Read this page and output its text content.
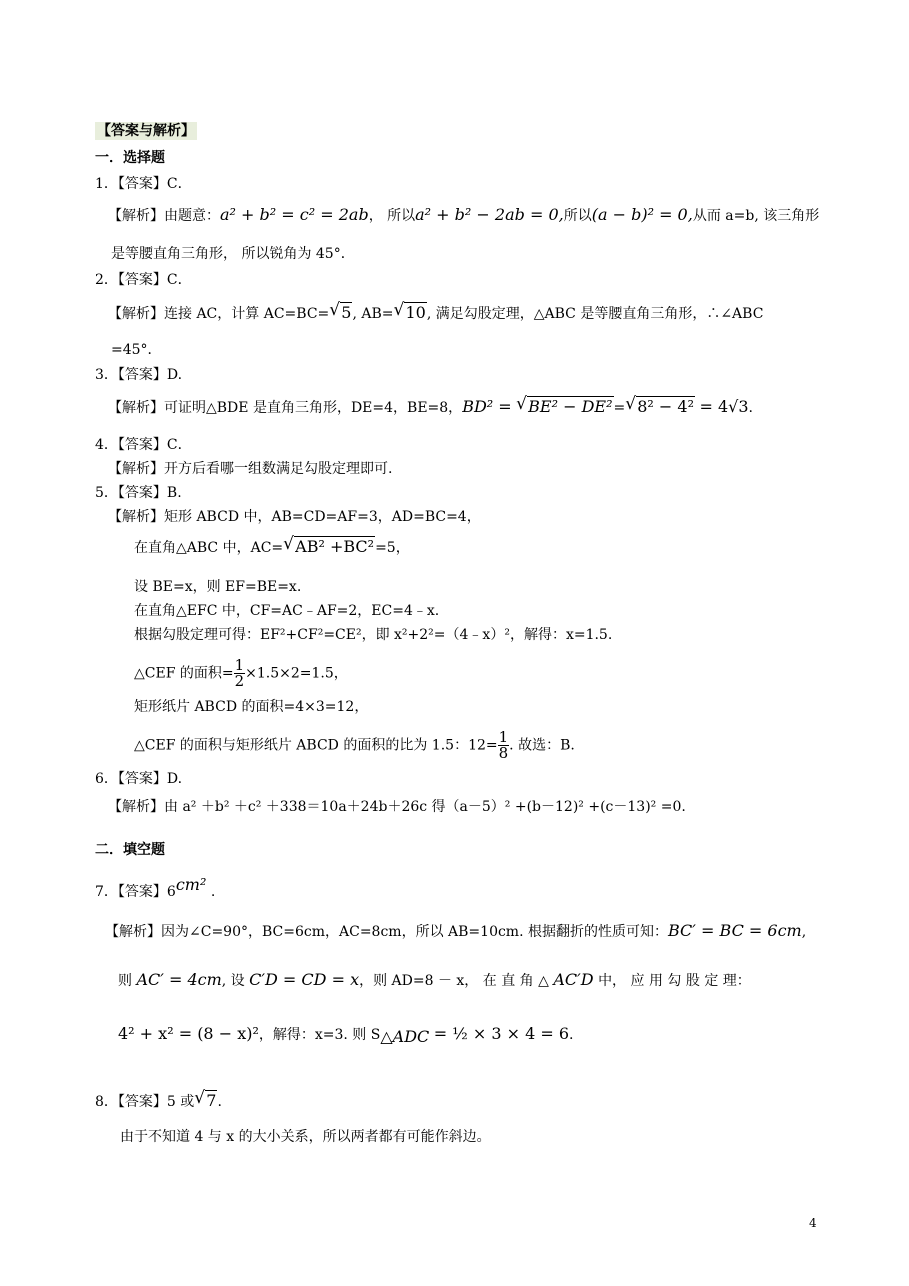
【答案与解析】
一．选择题
1．【答案】C．
【解析】由题意：a² + b² = c² = 2ab， 所以a² + b² − 2ab = 0,所以(a − b)² = 0,从而 a=b, 该三角形
是等腰直角三角形， 所以锐角为 45°．
2．【答案】C．
【解析】连接 AC，计算 AC=BC= √ 5, AB= √ 10, 满足勾股定理，△ABC 是等腰直角三角形，∴∠ABC
=45°．
3．【答案】D.
【解析】可证明△BDE 是直角三角形，DE=4，BE=8，BD² = √ BE² − DE²= √ 8² − 4² = 4√3.
4．【答案】C．
【解析】开方后看哪一组数满足勾股定理即可.
5．【答案】B.
【解析】矩形 ABCD 中，AB=CD=AF=3，AD=BC=4，
在直角△ABC 中，AC= √ AB² +BC²=5，
设 BE=x，则 EF=BE=x.
在直角△EFC 中，CF=AC﹣AF=2，EC=4﹣x.
根据勾股定理可得：EF²+CF²=CE²，即 x²+2²=（4﹣x）²，解得：x=1.5.
△CEF 的面积= $\frac{1}{2} \times 1.5\times 2=1.5$，
矩形纸片 ABCD 的面积=4×3=12，
△CEF 的面积与矩形纸片 ABCD 的面积的比为 1.5：$12= \frac{1}{8}$ . 故选：B.
6．【答案】D.
【解析】由 a² ＋b² ＋c² ＋338＝10a＋24b＋26c 得（a－5）² +(b－12)² +(c－13)² =0.
二．填空题
7．【答案】6cm² .
【解析】因为∠C=90°，BC=6cm，AC=8cm，所以 AB=10cm. 根据翻折的性质可知：BC′ = BC = 6cm,
则 AC′ = 4cm, 设 C′D = CD = x，则 AD=8 － x， 在 直 角 △ AC′D 中， 应 用 勾 股 定 理：
4² + x² = (8 − x)²，解得：x=3. 则 $S_{\triangle ADC}$ = ½ × 3 × 4 = 6.
8．【答案】5 或 √ 7.
由于不知道 4 与 x 的大小关系，所以两者都有可能作斜边。
4
